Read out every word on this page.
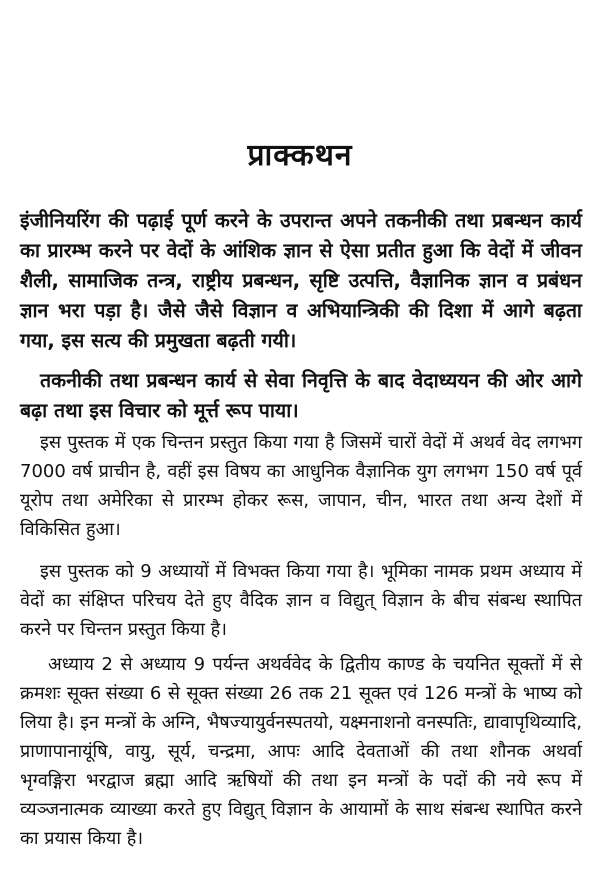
प्राक्कथन

इंजीनियरिंग की पढ़ाई पूर्ण करने के उपरान्त अपने तकनीकी तथा प्रबन्धन कार्य का प्रारम्भ करने पर वेदों के आंशिक ज्ञान से ऐसा प्रतीत हुआ कि वेदों में जीवन शैली, सामाजिक तन्त्र, राष्ट्रीय प्रबन्धन, सृष्टि उत्पत्ति, वैज्ञानिक ज्ञान व प्रबंधन ज्ञान भरा पड़ा है। जैसे जैसे विज्ञान व अभियान्त्रिकी की दिशा में आगे बढ़ता गया, इस सत्य की प्रमुखता बढ़ती गयी।

तकनीकी तथा प्रबन्धन कार्य से सेवा निवृत्ति के बाद वेदाध्ययन की ओर आगे बढ़ा तथा इस विचार को मूर्त्त रूप पाया।

इस पुस्तक में एक चिन्तन प्रस्तुत किया गया है जिसमें चारों वेदों में अथर्व वेद लगभग 7000 वर्ष प्राचीन है, वहीं इस विषय का आधुनिक वैज्ञानिक युग लगभग 150 वर्ष पूर्व यूरोप तथा अमेरिका से प्रारम्भ होकर रूस, जापान, चीन, भारत तथा अन्य देशों में विकिसित हुआ।

इस पुस्तक को 9 अध्यायों में विभक्त किया गया है। भूमिका नामक प्रथम अध्याय में वेदों का संक्षिप्त परिचय देते हुए वैदिक ज्ञान व विद्युत् विज्ञान के बीच संबन्ध स्थापित करने पर चिन्तन प्रस्तुत किया है।

अध्याय 2 से अध्याय 9 पर्यन्त अथर्ववेद के द्वितीय काण्ड के चयनित सूक्तों में से क्रमशः सूक्त संख्या 6 से सूक्त संख्या 26 तक 21 सूक्त एवं 126 मन्त्रों के भाष्य को लिया है। इन मन्त्रों के अग्नि, भैषज्यायुर्वनस्पतयो, यक्ष्मनाशनो वनस्पतिः, द्यावापृथिव्यादि, प्राणापानायूंषि, वायु, सूर्य, चन्द्रमा, आपः आदि देवताओं की तथा शौनक अथर्वा भृग्वङ्गिरा भरद्वाज ब्रह्मा आदि ऋषियों की तथा इन मन्त्रों के पदों की नये रूप में व्यञ्जनात्मक व्याख्या करते हुए विद्युत् विज्ञान के आयामों के साथ संबन्ध स्थापित करने का प्रयास किया है।
